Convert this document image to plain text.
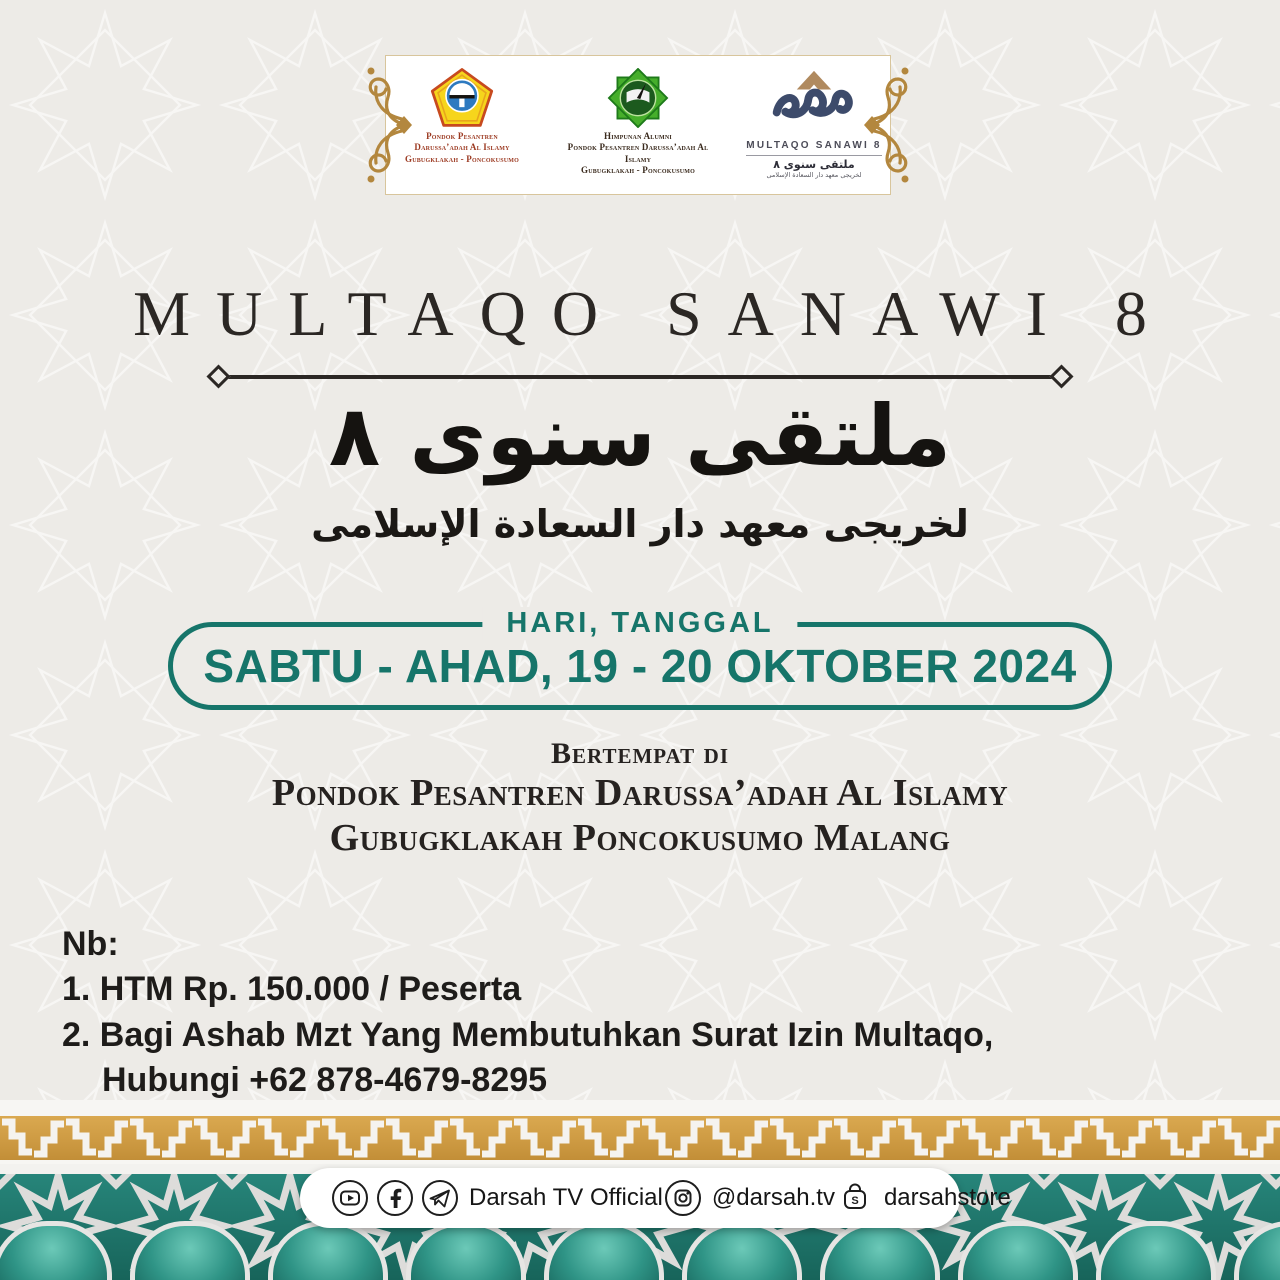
Pondok Pesantren
Darussa’adah Al Islamy
Gubugklakah - Poncokusumo
Himpunan Alumni
Pondok Pesantren Darussa’adah Al Islamy
Gubugklakah - Poncokusumo
MULTAQO SANAWI 8
ملتقى سنوى ٨
لخريجى معهد دار السعادة الإسلامى
MULTAQO SANAWI 8
ملتقى سنوى ٨
لخريجى معهد دار السعادة الإسلامى
HARI, TANGGAL
SABTU - AHAD, 19 - 20 OKTOBER 2024
Bertempat di
Pondok Pesantren Darussa’adah Al Islamy
Gubugklakah Poncokusumo Malang
Nb:
1. HTM Rp. 150.000 / Peserta
2. Bagi Ashab Mzt Yang Membutuhkan Surat Izin Multaqo,
Hubungi +62 878-4679-8295
Darsah TV Official @darsah.tv S darsahstore
